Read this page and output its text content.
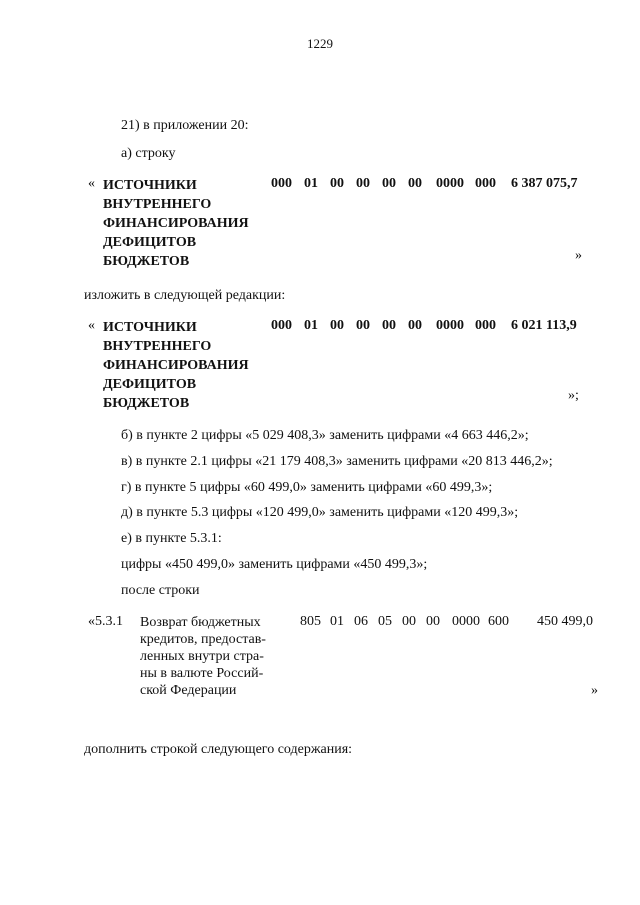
1229
21) в приложении 20:
а) строку
« ИСТОЧНИКИ
ВНУТРЕННЕГО
ФИНАНСИРОВАНИЯ
ДЕФИЦИТОВ
БЮДЖЕТОВ
000 01 00 00 00 00 0000 000 6 387 075,7
»
изложить в следующей редакции:
« ИСТОЧНИКИ
ВНУТРЕННЕГО
ФИНАНСИРОВАНИЯ
ДЕФИЦИТОВ
БЮДЖЕТОВ
000 01 00 00 00 00 0000 000 6 021 113,9
»;
б) в пункте 2 цифры «5 029 408,3» заменить цифрами «4 663 446,2»;
в) в пункте 2.1 цифры «21 179 408,3» заменить цифрами «20 813 446,2»;
г) в пункте 5 цифры «60 499,0» заменить цифрами «60 499,3»;
д) в пункте 5.3 цифры «120 499,0» заменить цифрами «120 499,3»;
е) в пункте 5.3.1:
цифры «450 499,0» заменить цифрами «450 499,3»;
после строки
«5.3.1 Возврат бюджетных
кредитов, предостав-
ленных внутри стра-
ны в валюте Россий-
ской Федерации
805 01 06 05 00 00 0000 600 450 499,0
»
дополнить строкой следующего содержания:
